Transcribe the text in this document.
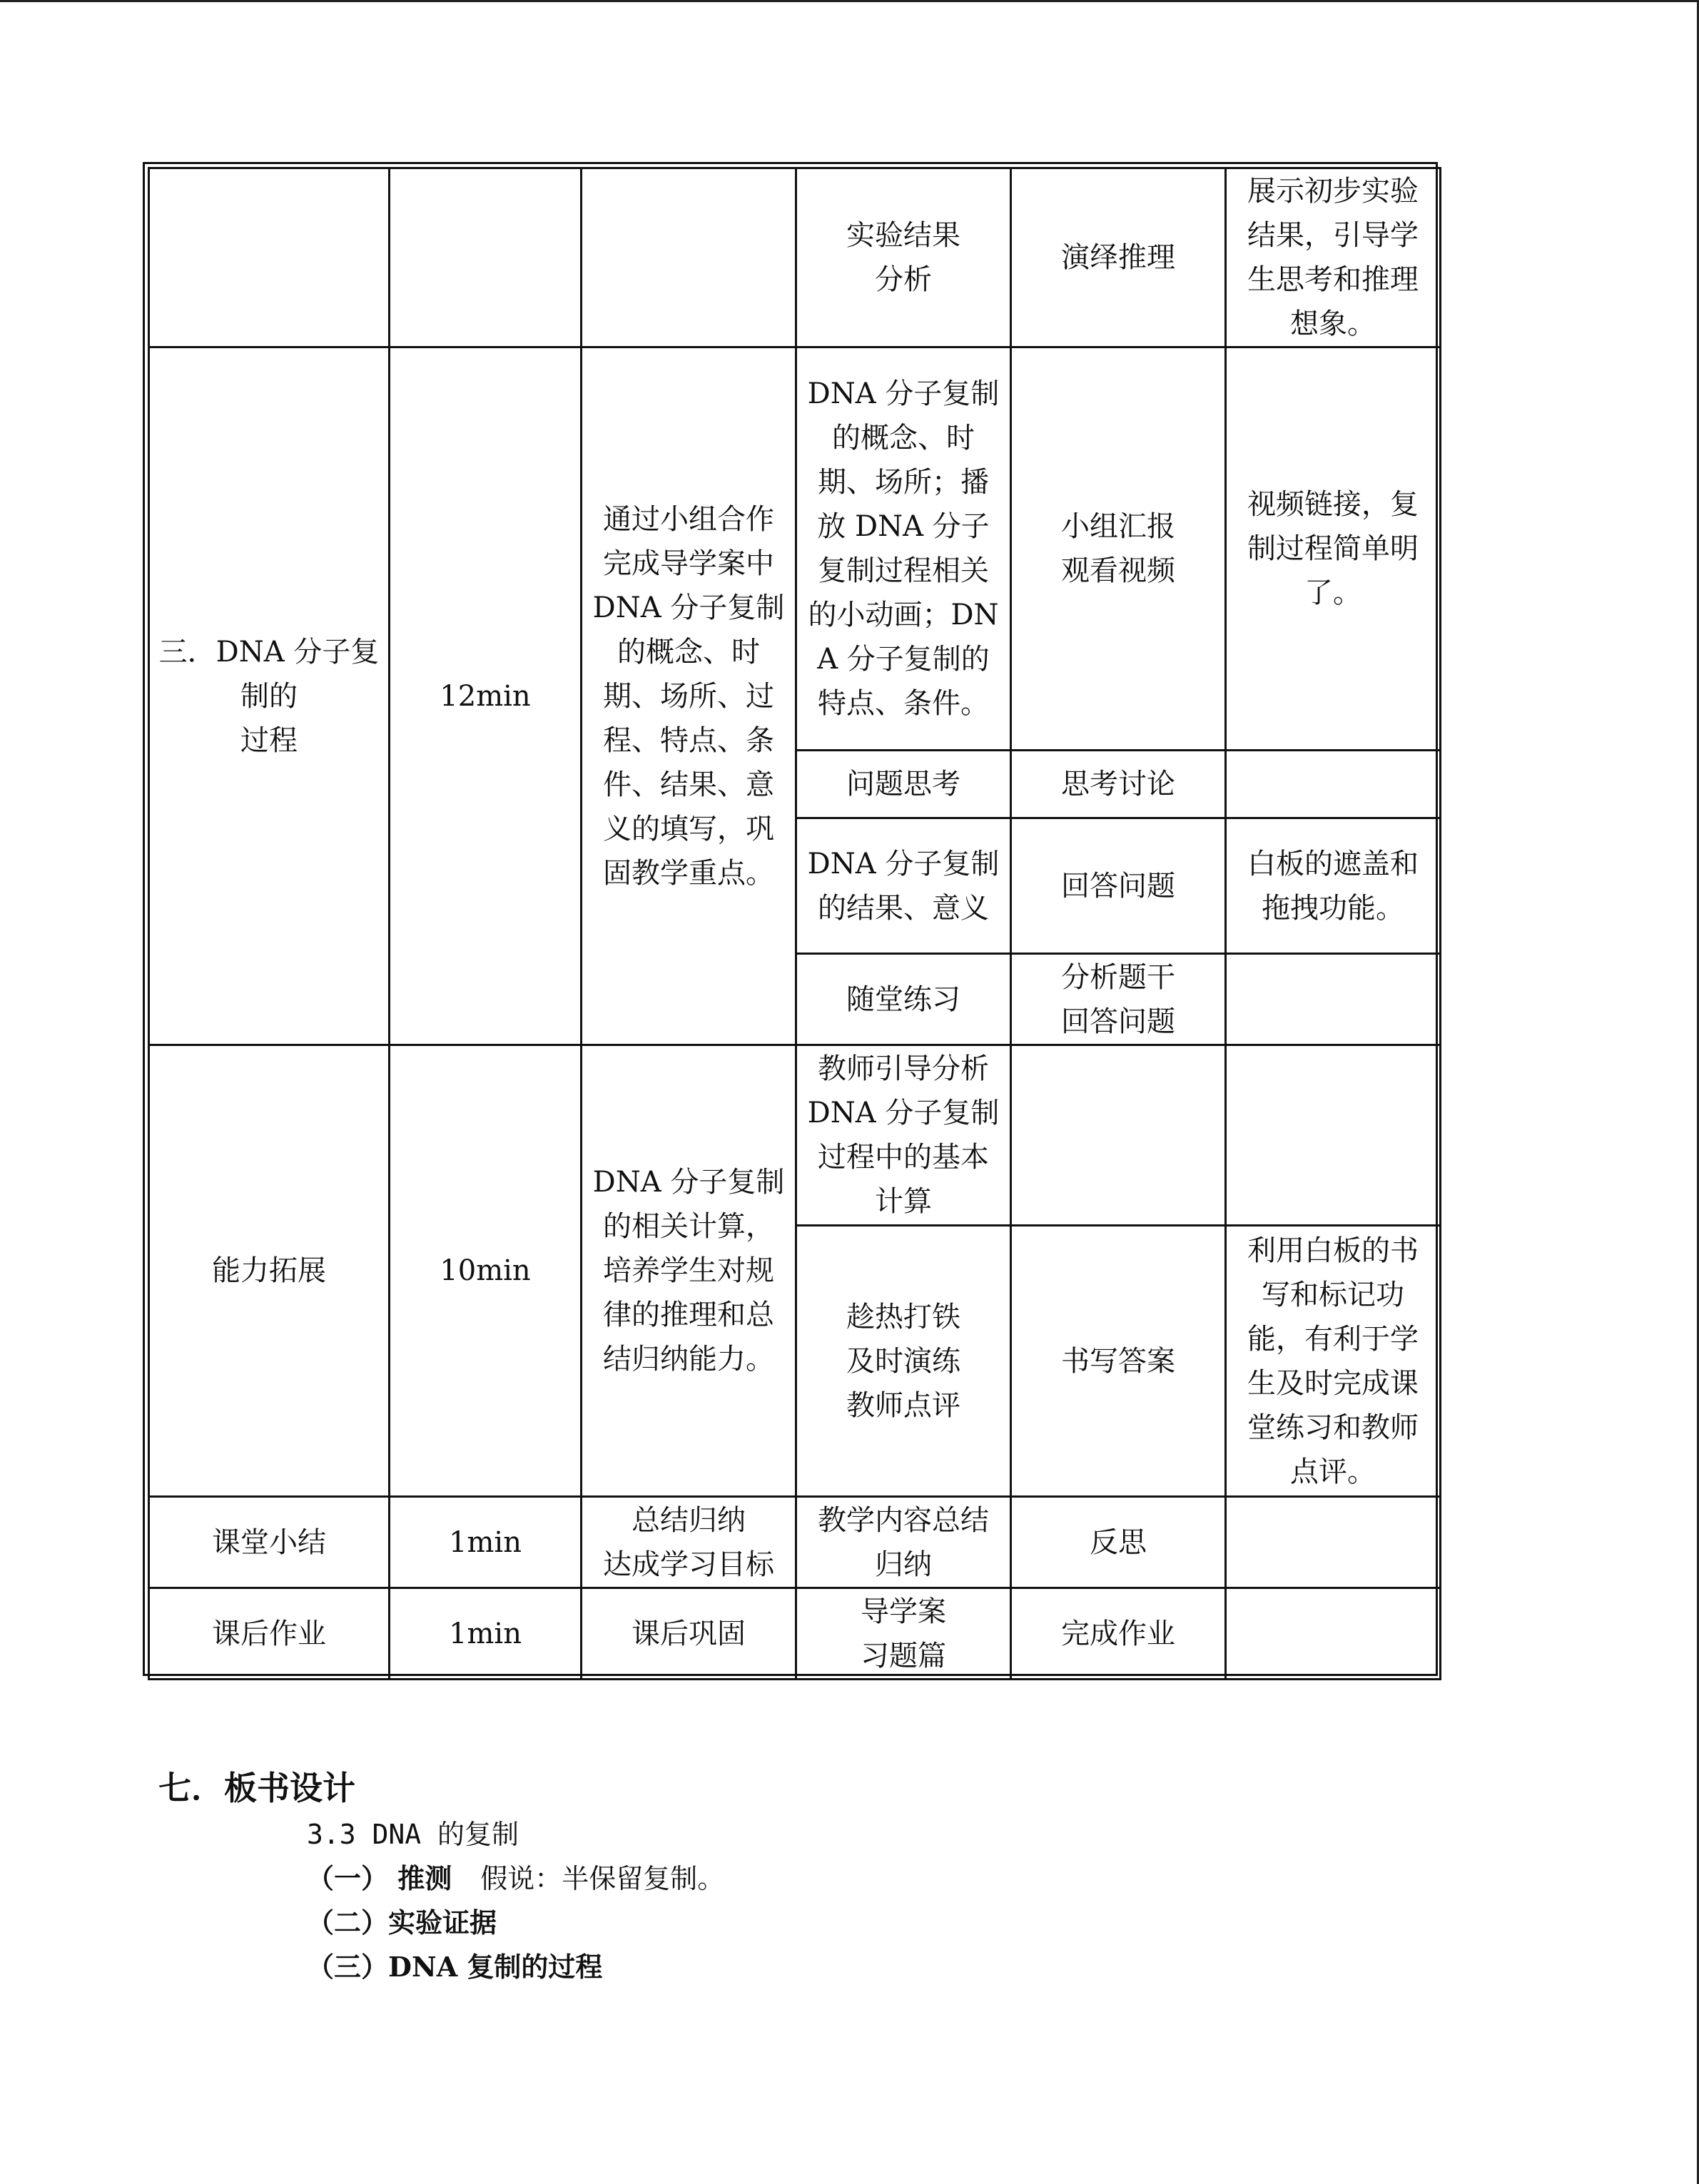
			实验结果
分析	演绎推理	展示初步实验结果，引导学生思考和推理想象。
三．DNA 分子复制的
过程	12min	通过小组合作完成导学案中 DNA 分子复制的概念、时期、场所、过程、特点、条件、结果、意义的填写，巩固教学重点。	DNA 分子复制的概念、时期、场所；播放 DNA 分子复制过程相关的小动画；DNA 分子复制的特点、条件。	小组汇报
观看视频	视频链接，复制过程简单明了。
			问题思考	思考讨论	
			DNA 分子复制的结果、意义	回答问题	白板的遮盖和拖拽功能。
			随堂练习	分析题干
回答问题	
能力拓展	10min	DNA 分子复制的相关计算，培养学生对规律的推理和总结归纳能力。	教师引导分析 DNA 分子复制过程中的基本计算		
			趁热打铁
及时演练
教师点评	书写答案	利用白板的书写和标记功能，有利于学生及时完成课堂练习和教师点评。
课堂小结	1min	总结归纳
达成学习目标	教学内容总结归纳	反思	
课后作业	1min	课后巩固	导学案
习题篇	完成作业	
七．板书设计
3.3 DNA 的复制
（一） 推测 假说：半保留复制。
（二）实验证据
（三）DNA 复制的过程
